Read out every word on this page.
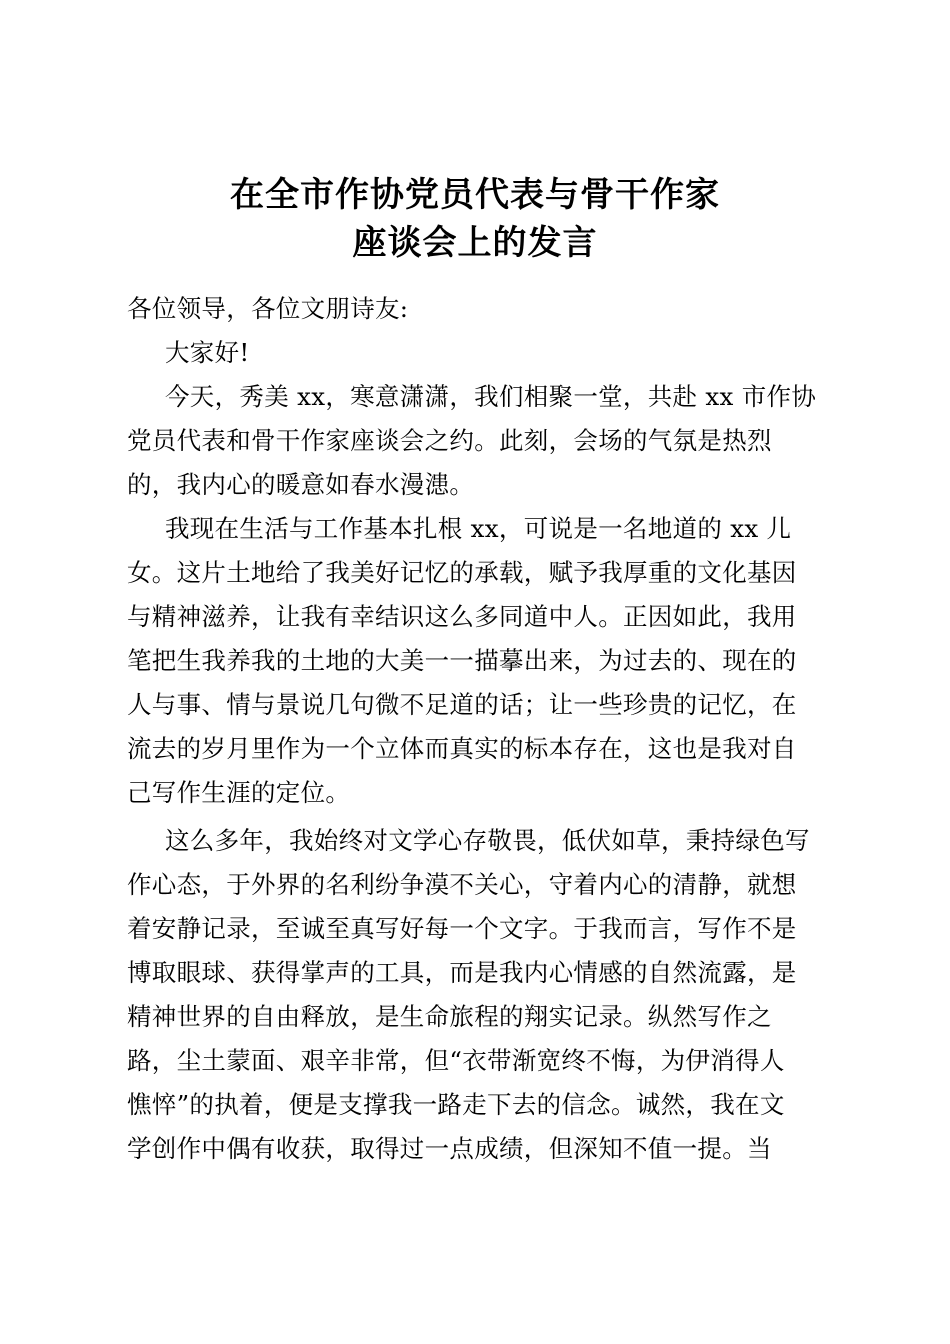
在全市作协党员代表与骨干作家
座谈会上的发言

各位领导，各位文朋诗友:

大家好!

今天，秀美 xx，寒意潇潇，我们相聚一堂，共赴 xx 市作协

党员代表和骨干作家座谈会之约。此刻，会场的气氛是热烈

的，我内心的暖意如春水漫漶。

我现在生活与工作基本扎根 xx，可说是一名地道的 xx 儿

女。这片土地给了我美好记忆的承载，赋予我厚重的文化基因

与精神滋养，让我有幸结识这么多同道中人。正因如此，我用

笔把生我养我的土地的大美一一描摹出来，为过去的、现在的

人与事、情与景说几句微不足道的话；让一些珍贵的记忆，在

流去的岁月里作为一个立体而真实的标本存在，这也是我对自

己写作生涯的定位。

这么多年，我始终对文学心存敬畏，低伏如草，秉持绿色写

作心态，于外界的名利纷争漠不关心，守着内心的清静，就想

着安静记录，至诚至真写好每一个文字。于我而言，写作不是

博取眼球、获得掌声的工具，而是我内心情感的自然流露，是

精神世界的自由释放，是生命旅程的翔实记录。纵然写作之

路，尘土蒙面、艰辛非常，但“衣带渐宽终不悔，为伊消得人

憔悴”的执着，便是支撑我一路走下去的信念。诚然，我在文

学创作中偶有收获，取得过一点成绩，但深知不值一提。当
